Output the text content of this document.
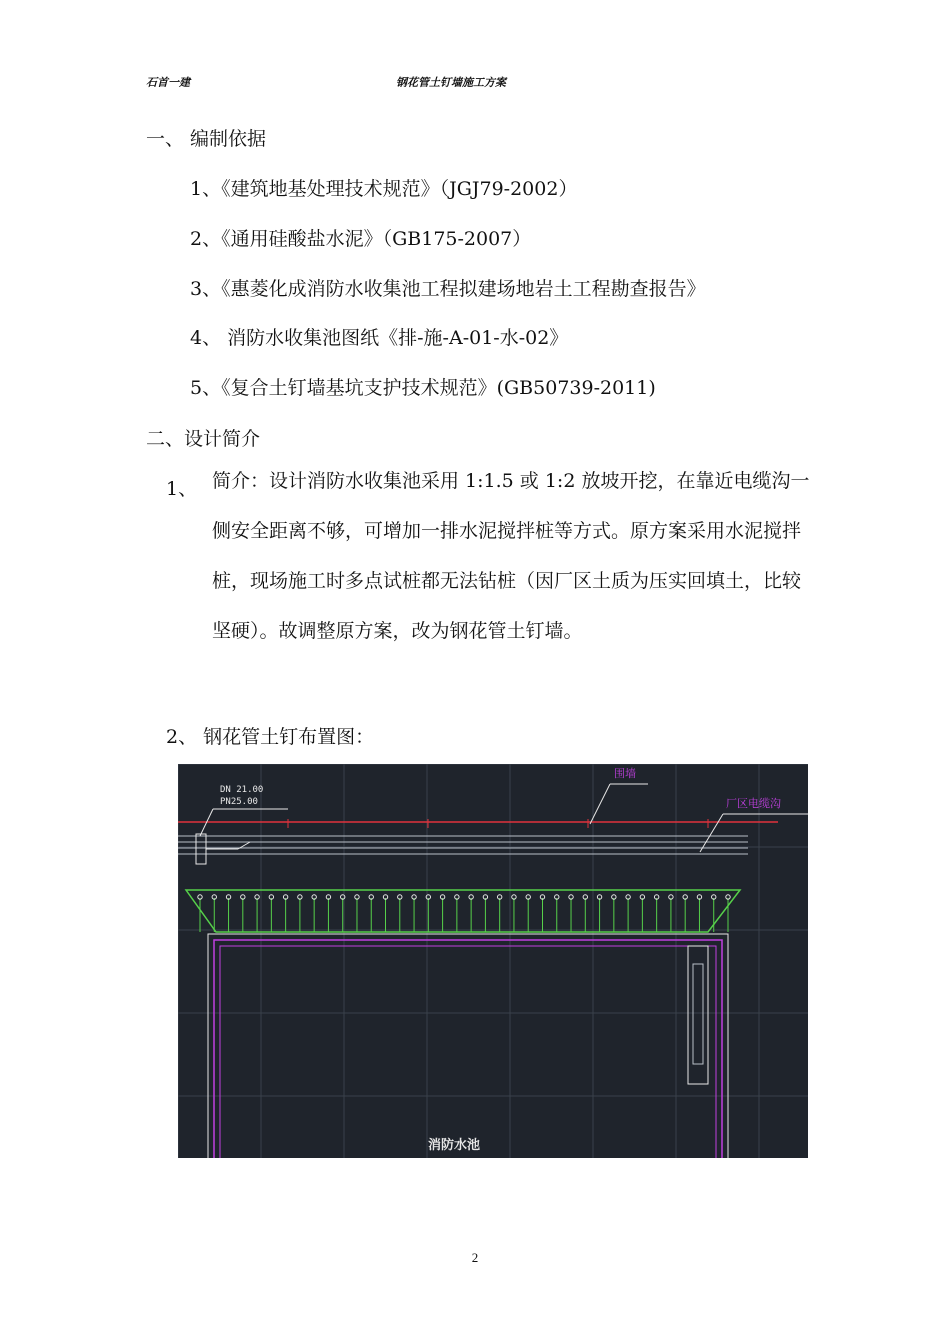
石首一建	钢花管土钉墙施工方案
一、 编制依据
1、《建筑地基处理技术规范》（JGJ79-2002）
2、《通用硅酸盐水泥》（GB175-2007）
3、《惠菱化成消防水收集池工程拟建场地岩土工程勘查报告》
4、 消防水收集池图纸《排-施-A-01-水-02》
5、《复合土钉墙基坑支护技术规范》(GB50739-2011)
二、设计简介
1、 简介：设计消防水收集池采用 1:1.5 或 1:2 放坡开挖，在靠近电缆沟一侧安全距离不够，可增加一排水泥搅拌桩等方式。原方案采用水泥搅拌桩，现场施工时多点试桩都无法钻桩（因厂区土质为压实回填土，比较坚硬）。故调整原方案，改为钢花管土钉墙。
2、 钢花管土钉布置图：
DN 21.00
PN25.00
围墙
厂区电缆沟
消防水池
2
